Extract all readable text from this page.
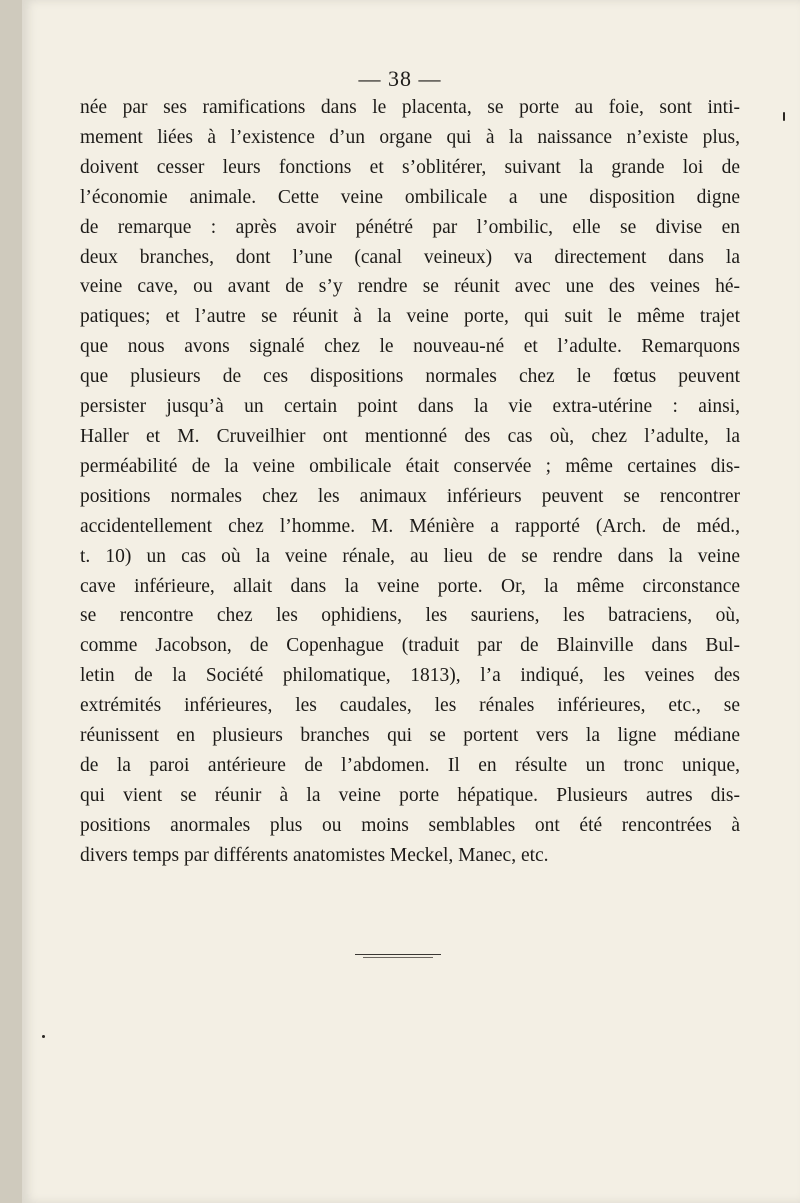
— 38 —
née par ses ramifications dans le placenta, se porte au foie, sont inti-
mement liées à l’existence d’un organe qui à la naissance n’existe plus,
doivent cesser leurs fonctions et s’oblitérer, suivant la grande loi de
l’économie animale. Cette veine ombilicale a une disposition digne
de remarque : après avoir pénétré par l’ombilic, elle se divise en
deux branches, dont l’une (canal veineux) va directement dans la
veine cave, ou avant de s’y rendre se réunit avec une des veines hé-
patiques; et l’autre se réunit à la veine porte, qui suit le même trajet
que nous avons signalé chez le nouveau-né et l’adulte. Remarquons
que plusieurs de ces dispositions normales chez le fœtus peuvent
persister jusqu’à un certain point dans la vie extra-utérine : ainsi,
Haller et M. Cruveilhier ont mentionné des cas où, chez l’adulte, la
perméabilité de la veine ombilicale était conservée ; même certaines dis-
positions normales chez les animaux inférieurs peuvent se rencontrer
accidentellement chez l’homme. M. Ménière a rapporté (Arch. de méd.,
t. 10) un cas où la veine rénale, au lieu de se rendre dans la veine
cave inférieure, allait dans la veine porte. Or, la même circonstance
se rencontre chez les ophidiens, les sauriens, les batraciens, où,
comme Jacobson, de Copenhague (traduit par de Blainville dans Bul-
letin de la Société philomatique, 1813), l’a indiqué, les veines des
extrémités inférieures, les caudales, les rénales inférieures, etc., se
réunissent en plusieurs branches qui se portent vers la ligne médiane
de la paroi antérieure de l’abdomen. Il en résulte un tronc unique,
qui vient se réunir à la veine porte hépatique. Plusieurs autres dis-
positions anormales plus ou moins semblables ont été rencontrées à
divers temps par différents anatomistes Meckel, Manec, etc.
